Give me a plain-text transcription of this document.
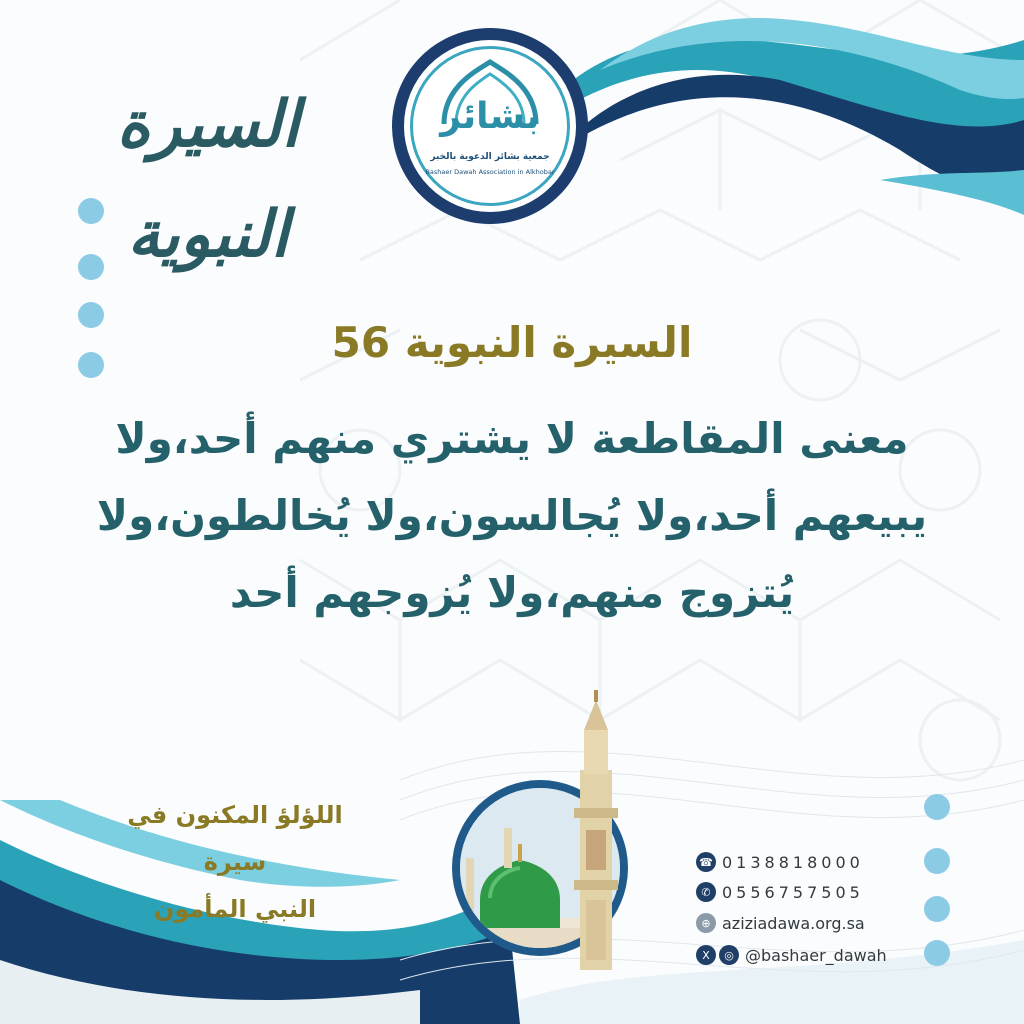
السيرة النبوية
بشائر
جمعية بشائر الدعوية بالخبر
Bashaer Dawah Association in Alkhobar
السيرة النبوية 56
معنى المقاطعة لا يشتري منهم أحد،ولا
يبيعهم أحد،ولا يُجالسون،ولا يُخالطون،ولا
يُتزوج منهم،ولا يُزوجهم أحد
اللؤلؤ المكنون في سيرة
النبي المأمون
☎ 0138818000
✆ 0556757505
⊕ aziziadawa.org.sa
X	◎ @bashaer_dawah
